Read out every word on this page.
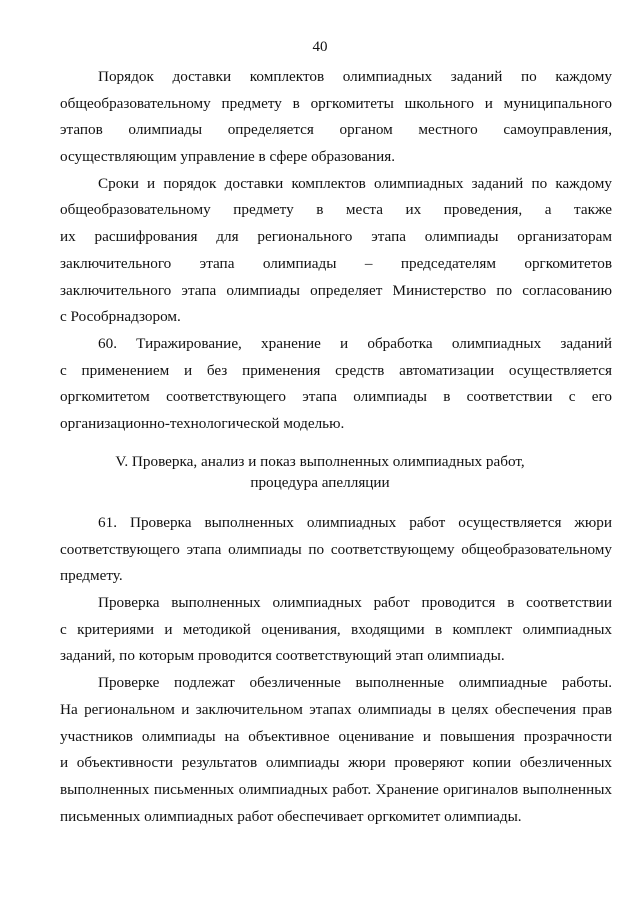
40
Порядок доставки комплектов олимпиадных заданий по каждому
общеобразовательному предмету в оргкомитеты школьного и муниципального
этапов олимпиады определяется органом местного самоуправления,
осуществляющим управление в сфере образования.
Сроки и порядок доставки комплектов олимпиадных заданий по каждому
общеобразовательному предмету в места их проведения, а также
их расшифрования для регионального этапа олимпиады организаторам
заключительного этапа олимпиады – председателям оргкомитетов
заключительного этапа олимпиады определяет Министерство по согласованию
с Рособрнадзором.
60. Тиражирование, хранение и обработка олимпиадных заданий
с применением и без применения средств автоматизации осуществляется
оргкомитетом соответствующего этапа олимпиады в соответствии с его
организационно-технологической моделью.
V. Проверка, анализ и показ выполненных олимпиадных работ,
процедура апелляции
61. Проверка выполненных олимпиадных работ осуществляется жюри
соответствующего этапа олимпиады по соответствующему общеобразовательному
предмету.
Проверка выполненных олимпиадных работ проводится в соответствии
с критериями и методикой оценивания, входящими в комплект олимпиадных
заданий, по которым проводится соответствующий этап олимпиады.
Проверке подлежат обезличенные выполненные олимпиадные работы.
На региональном и заключительном этапах олимпиады в целях обеспечения прав
участников олимпиады на объективное оценивание и повышения прозрачности
и объективности результатов олимпиады жюри проверяют копии обезличенных
выполненных письменных олимпиадных работ. Хранение оригиналов выполненных
письменных олимпиадных работ обеспечивает оргкомитет олимпиады.
